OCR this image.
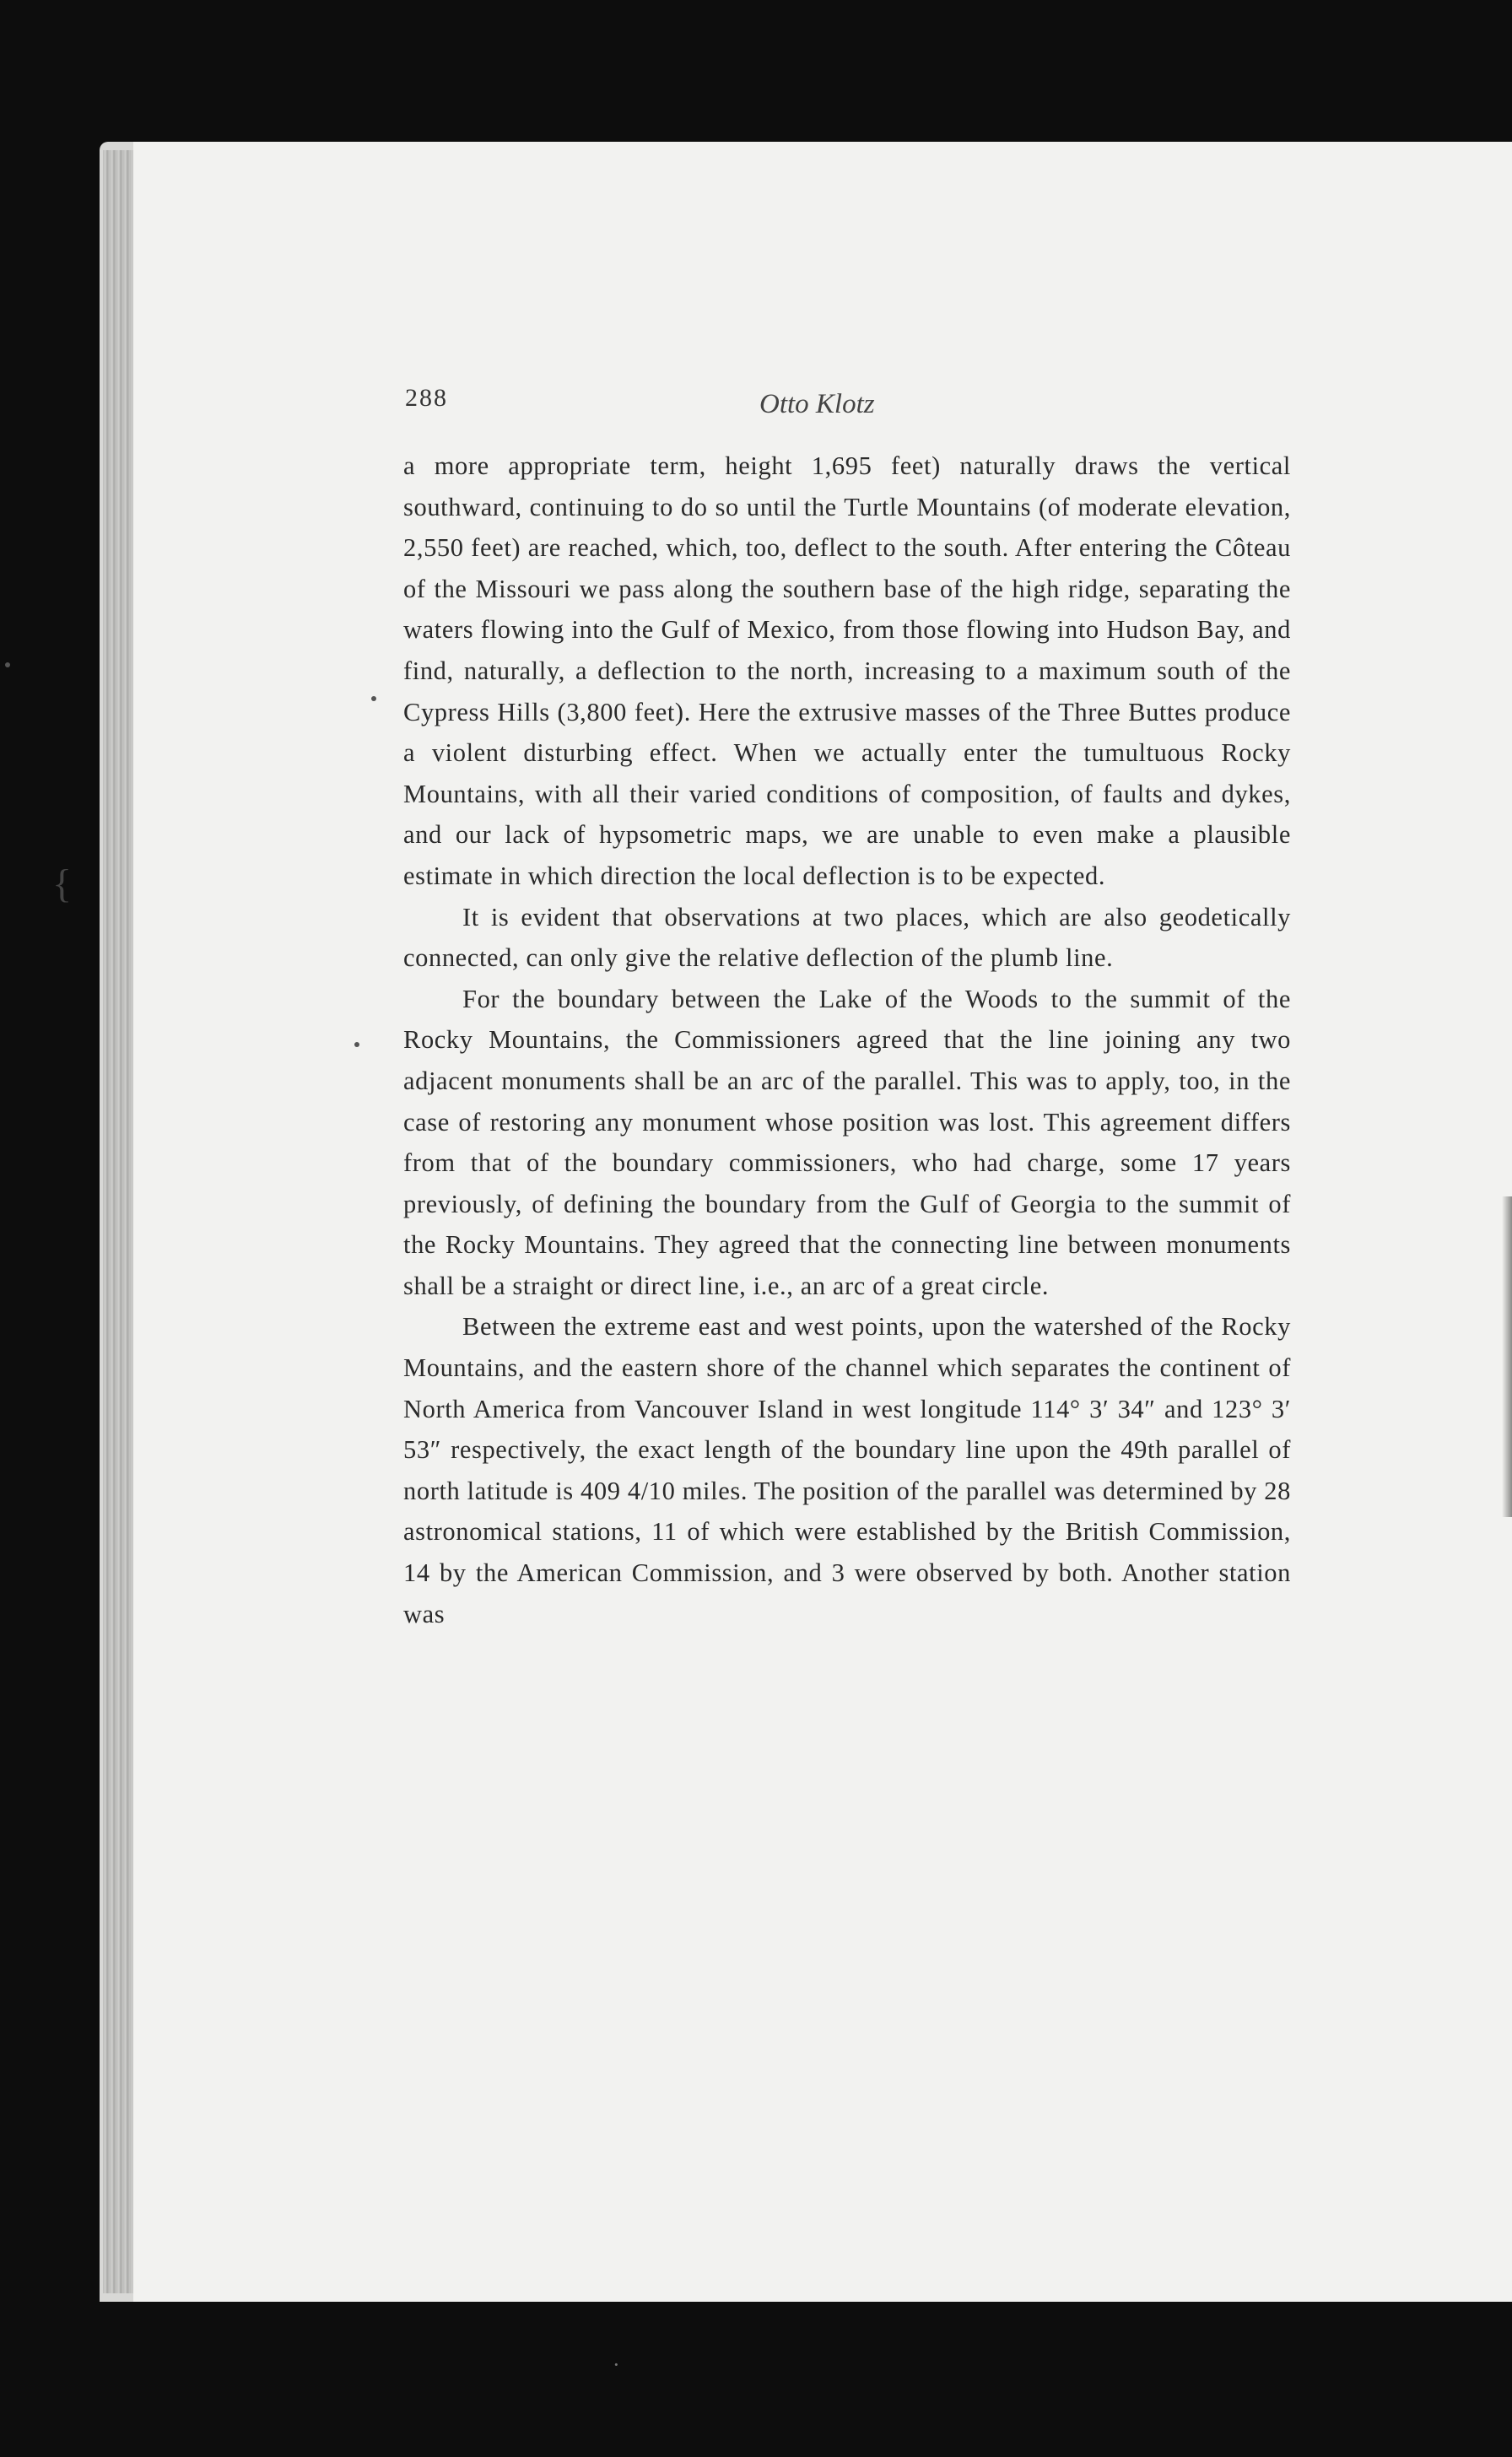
{
·
288	Otto Klotz

a more appropriate term, height 1,695 feet) naturally draws the vertical southward, continuing to do so until the Turtle Mountains (of moderate elevation, 2,550 feet) are reached, which, too, deflect to the south. After entering the Côteau of the Missouri we pass along the southern base of the high ridge, separating the waters flowing into the Gulf of Mexico, from those flowing into Hudson Bay, and find, naturally, a deflection to the north, increasing to a maximum south of the Cypress Hills (3,800 feet). Here the extrusive masses of the Three Buttes produce a violent disturbing effect. When we actually enter the tumultuous Rocky Mountains, with all their varied conditions of composition, of faults and dykes, and our lack of hypsometric maps, we are unable to even make a plausible estimate in which direction the local deflection is to be expected.

It is evident that observations at two places, which are also geodetically connected, can only give the relative deflection of the plumb line.

For the boundary between the Lake of the Woods to the summit of the Rocky Mountains, the Commissioners agreed that the line joining any two adjacent monuments shall be an arc of the parallel. This was to apply, too, in the case of restoring any monument whose position was lost. This agreement differs from that of the boundary commissioners, who had charge, some 17 years previously, of defining the boundary from the Gulf of Georgia to the summit of the Rocky Mountains. They agreed that the connecting line between monuments shall be a straight or direct line, i.e., an arc of a great circle.

Between the extreme east and west points, upon the watershed of the Rocky Mountains, and the eastern shore of the channel which separates the continent of North America from Vancouver Island in west longitude 114° 3′ 34″ and 123° 3′ 53″ respectively, the exact length of the boundary line upon the 49th parallel of north latitude is 409 4/10 miles. The position of the parallel was determined by 28 astronomical stations, 11 of which were established by the British Commission, 14 by the American Commission, and 3 were observed by both. Another station was
